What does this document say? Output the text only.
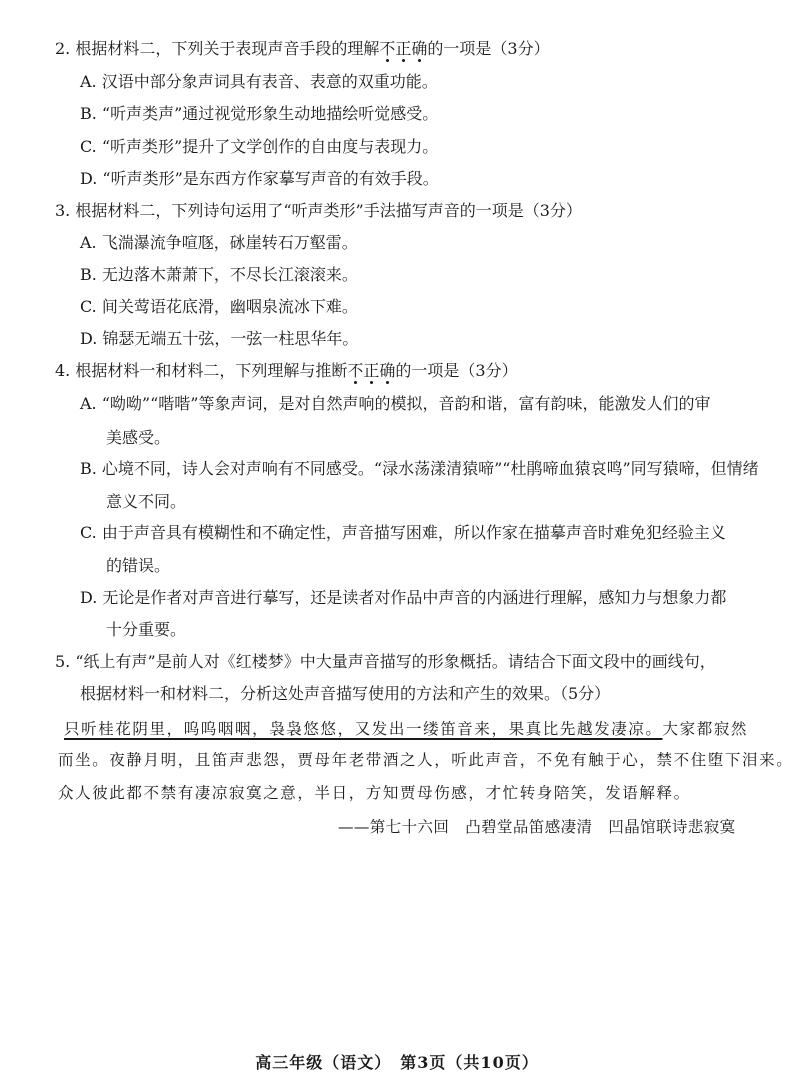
2. 根据材料二，下列关于表现声音手段的理解不正确的一项是（3分）
A. 汉语中部分象声词具有表音、表意的双重功能。
B. “听声类声”通过视觉形象生动地描绘听觉感受。
C. “听声类形”提升了文学创作的自由度与表现力。
D. “听声类形”是东西方作家摹写声音的有效手段。
3. 根据材料二，下列诗句运用了“听声类形”手法描写声音的一项是（3分）
A. 飞湍瀑流争喧豗，砯崖转石万壑雷。
B. 无边落木萧萧下，不尽长江滚滚来。
C. 间关莺语花底滑，幽咽泉流冰下难。
D. 锦瑟无端五十弦，一弦一柱思华年。
4. 根据材料一和材料二，下列理解与推断不正确的一项是（3分）
A. “呦呦”“喈喈”等象声词，是对自然声响的模拟，音韵和谐，富有韵味，能激发人们的审
美感受。
B. 心境不同，诗人会对声响有不同感受。“渌水荡漾清猿啼”“杜鹃啼血猿哀鸣”同写猿啼，但情绪
意义不同。
C. 由于声音具有模糊性和不确定性，声音描写困难，所以作家在描摹声音时难免犯经验主义
的错误。
D. 无论是作者对声音进行摹写，还是读者对作品中声音的内涵进行理解，感知力与想象力都
十分重要。
5. “纸上有声”是前人对《红楼梦》中大量声音描写的形象概括。请结合下面文段中的画线句，
根据材料一和材料二，分析这处声音描写使用的方法和产生的效果。（5分）
只听桂花阴里，呜呜咽咽，袅袅悠悠，又发出一缕笛音来，果真比先越发凄凉。大家都寂然
而坐。夜静月明，且笛声悲怨，贾母年老带酒之人，听此声音，不免有触于心，禁不住堕下泪来。
众人彼此都不禁有凄凉寂寞之意，半日，方知贾母伤感，才忙转身陪笑，发语解释。
——第七十六回　凸碧堂品笛感凄清　凹晶馆联诗悲寂寞
高三年级（语文）　第3页（共10页）
